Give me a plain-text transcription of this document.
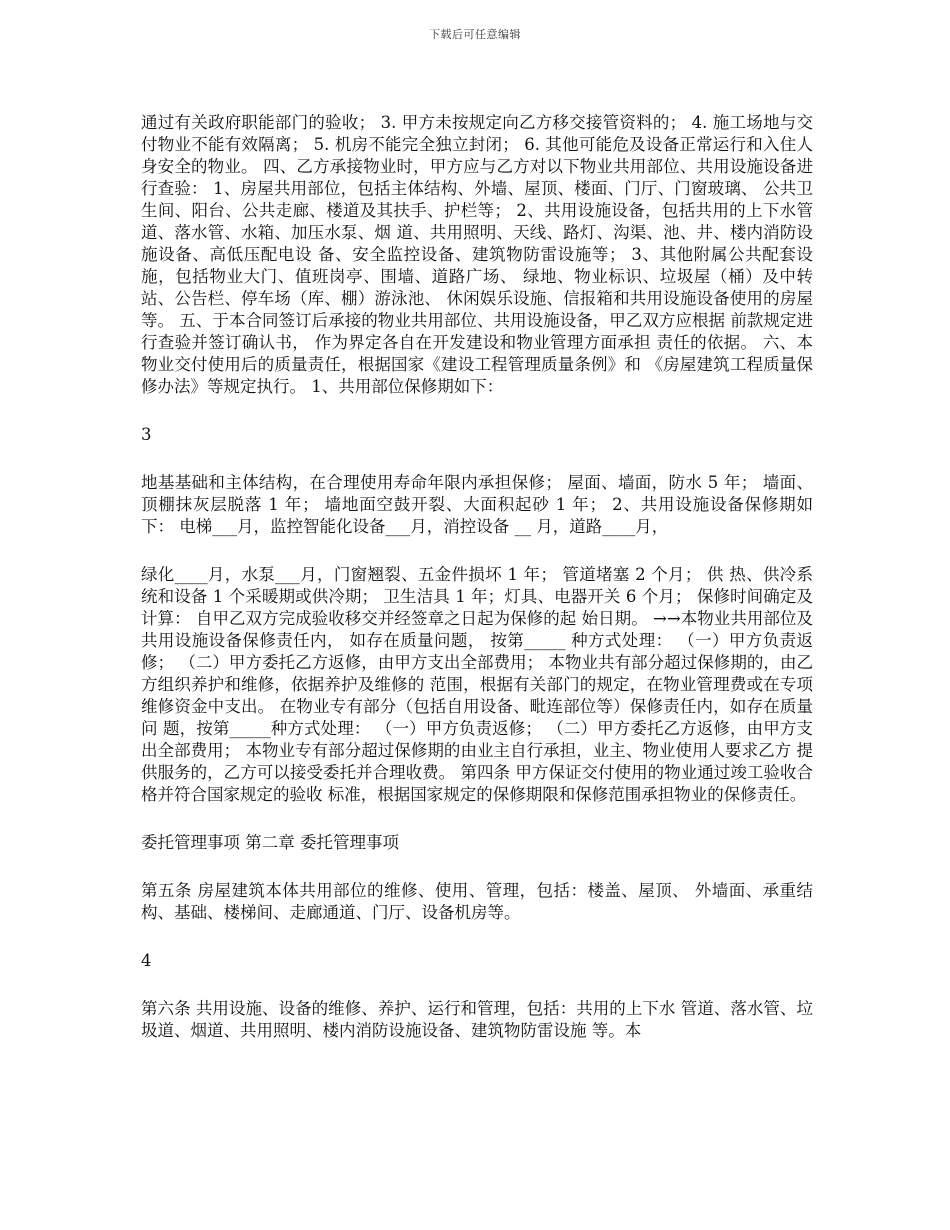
下载后可任意编辑

通过有关政府职能部门的验收； 3. 甲方未按规定向乙方移交接管资料的； 4. 施工场地与交付物业不能有效隔离； 5. 机房不能完全独立封闭； 6. 其他可能危及设备正常运行和入住人身安全的物业。 四、乙方承接物业时，甲方应与乙方对以下物业共用部位、共用设施设备进 行查验： 1、房屋共用部位，包括主体结构、外墙、屋顶、楼面、门厅、门窗玻璃、 公共卫生间、阳台、公共走廊、楼道及其扶手、护栏等； 2、共用设施设备，包括共用的上下水管道、落水管、水箱、加压水泵、烟 道、共用照明、天线、路灯、沟渠、池、井、楼内消防设施设备、高低压配电设 备、安全监控设备、建筑物防雷设施等； 3、其他附属公共配套设施，包括物业大门、值班岗亭、围墙、道路广场、 绿地、物业标识、垃圾屋（桶）及中转站、公告栏、停车场（库、棚）游泳池、 休闲娱乐设施、信报箱和共用设施设备使用的房屋等。 五、于本合同签订后承接的物业共用部位、共用设施设备，甲乙双方应根据 前款规定进行查验并签订确认书， 作为界定各自在开发建设和物业管理方面承担 责任的依据。 六、本物业交付使用后的质量责任，根据国家《建设工程管理质量条例》和 《房屋建筑工程质量保修办法》等规定执行。 1、共用部位保修期如下：

3

地基基础和主体结构，在合理使用寿命年限内承担保修； 屋面、墙面，防水 5 年； 墙面、顶棚抹灰层脱落 1 年； 墙地面空鼓开裂、大面积起砂 1 年； 2、共用设施设备保修期如下： 电梯___月，监控智能化设备___月，消控设备 __ 月，道路____月，

绿化____月，水泵___月，门窗翘裂、五金件损坏 1 年； 管道堵塞 2 个月； 供 热、供冷系统和设备 1 个采暖期或供冷期； 卫生洁具 1 年；灯具、电器开关 6 个月； 保修时间确定及计算： 自甲乙双方完成验收移交并经签章之日起为保修的起 始日期。 →→本物业共用部位及共用设施设备保修责任内， 如存在质量问题， 按第_____ 种方式处理： （一）甲方负责返修； （二）甲方委托乙方返修，由甲方支出全部费用； 本物业共有部分超过保修期的，由乙方组织养护和维修，依据养护及维修的 范围，根据有关部门的规定，在物业管理费或在专项维修资金中支出。 在物业专有部分（包括自用设备、毗连部位等）保修责任内，如存在质量问 题，按第_____种方式处理： （一）甲方负责返修； （二）甲方委托乙方返修，由甲方支出全部费用； 本物业专有部分超过保修期的由业主自行承担，业主、物业使用人要求乙方 提供服务的，乙方可以接受委托并合理收费。 第四条 甲方保证交付使用的物业通过竣工验收合格并符合国家规定的验收 标准，根据国家规定的保修期限和保修范围承担物业的保修责任。

委托管理事项 第二章 委托管理事项

第五条 房屋建筑本体共用部位的维修、使用、管理，包括：楼盖、屋顶、 外墙面、承重结构、基础、楼梯间、走廊通道、门厅、设备机房等。

4

第六条 共用设施、设备的维修、养护、运行和管理，包括：共用的上下水 管道、落水管、垃圾道、烟道、共用照明、楼内消防设施设备、建筑物防雷设施 等。本
